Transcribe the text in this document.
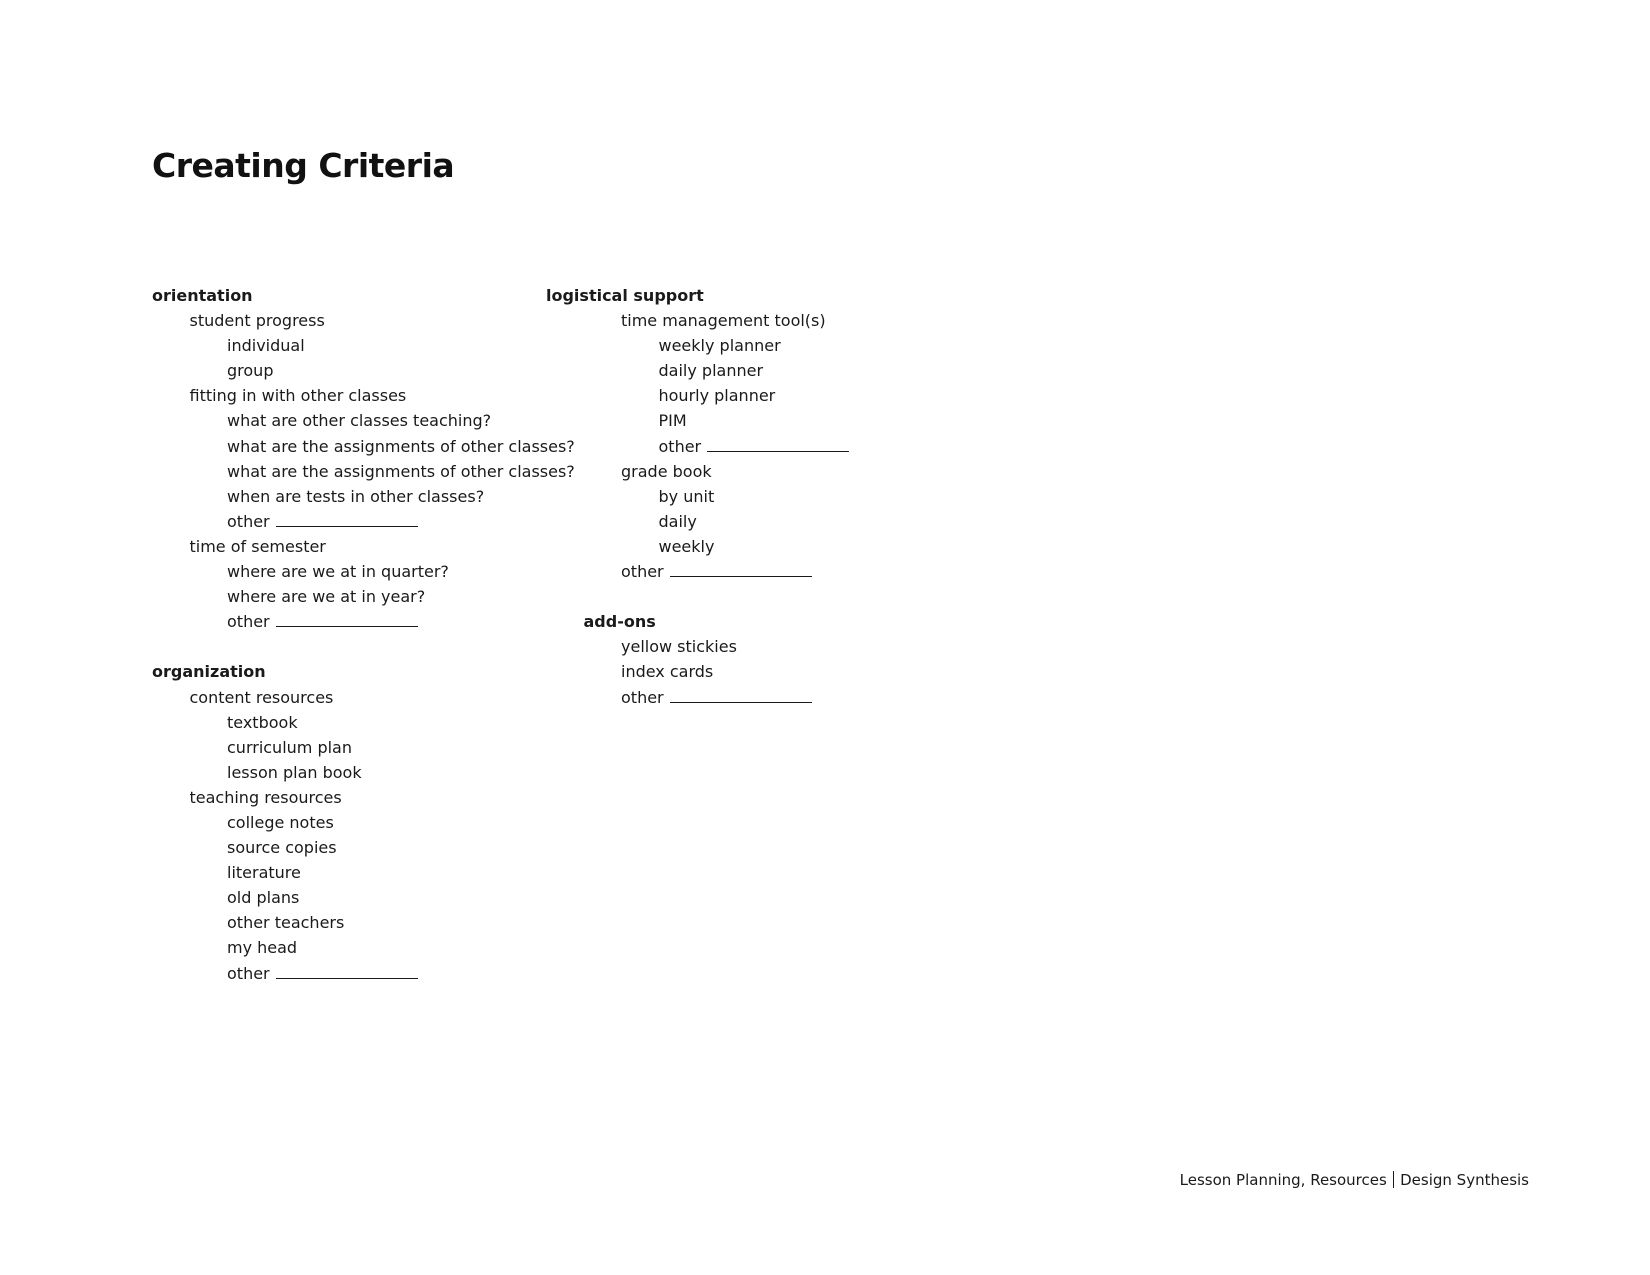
Creating Criteria
orientation
student progress
individual
group
fitting in with other classes
what are other classes teaching?
what are the assignments of other classes?
what are the assignments of other classes?
when are tests in other classes?
other
time of semester
where are we at in quarter?
where are we at in year?
other
organization
content resources
textbook
curriculum plan
lesson plan book
teaching resources
college notes
source copies
literature
old plans
other teachers
my head
other
logistical support
time management tool(s)
weekly planner
daily planner
hourly planner
PIM
other
grade book
by unit
daily
weekly
other
add-ons
yellow stickies
index cards
other
Lesson Planning, Resources Design Synthesis
